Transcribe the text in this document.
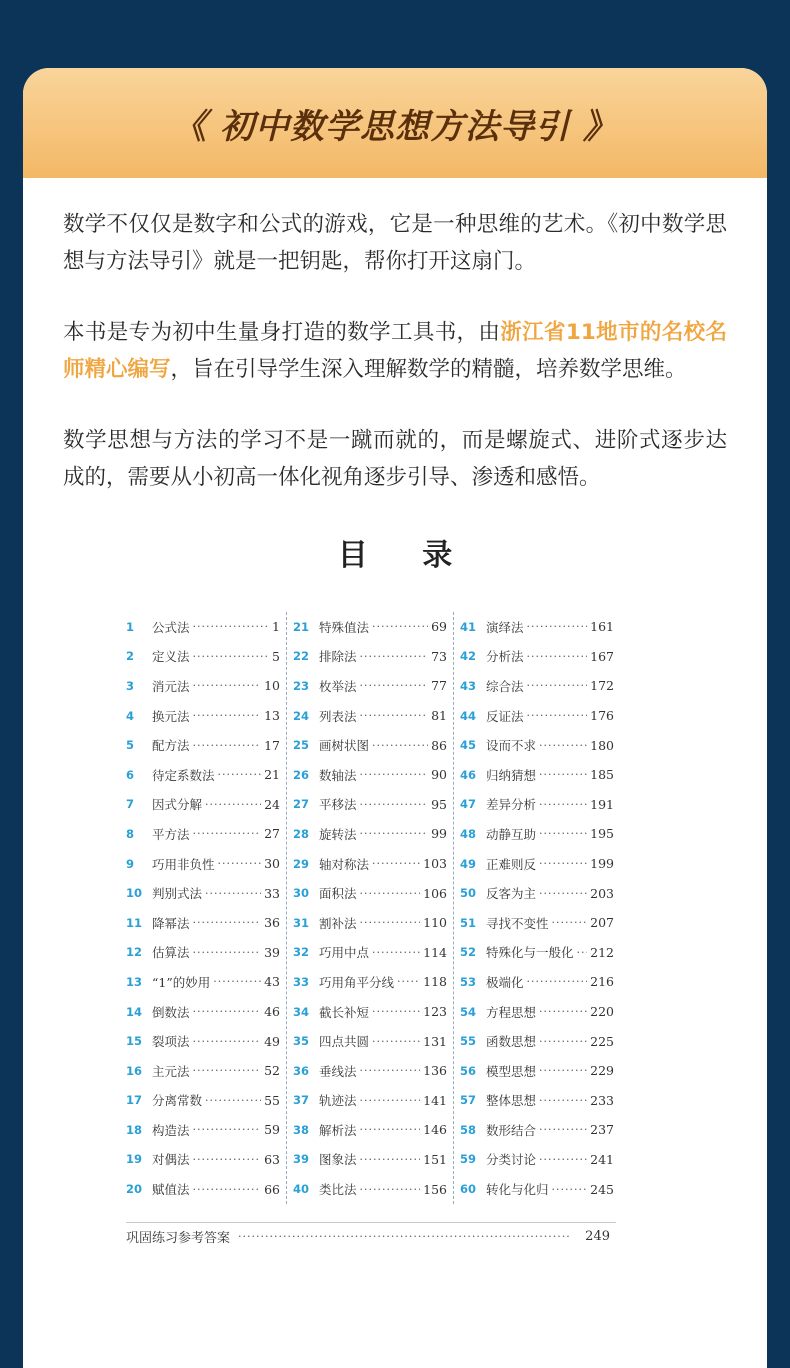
《 初中数学思想方法导引 》

数学不仅仅是数字和公式的游戏，它是一种思维的艺术。《初中数学思想与方法导引》就是一把钥匙，帮你打开这扇门。

本书是专为初中生量身打造的数学工具书，由浙江省11地市的名校名师精心编写，旨在引导学生深入理解数学的精髓，培养数学思维。

数学思想与方法的学习不是一蹴而就的，而是螺旋式、进阶式逐步达成的，需要从小初高一体化视角逐步引导、渗透和感悟。

目 录
1	公式法 ·····	1
2	定义法 ·····	5
3	消元法 ·····	10
4	换元法 ·····	13
5	配方法 ·····	17
6	待定系数法 ·····	21
7	因式分解 ·····	24
8	平方法 ·····	27
9	巧用非负性 ·····	30
10 判别式法 ·····	33
11 降幂法 ·····	36
12 估算法 ·····	39
13 “1”的妙用 ·····	43
14 倒数法 ·····	46
15 裂项法 ·····	49
16 主元法 ·····	52
17 分离常数 ·····	55
18 构造法 ·····	59
19 对偶法 ·····	63
20 赋值法 ·····	66
21 特殊值法 ·····	69
22 排除法 ·····	73
23 枚举法 ·····	77
24 列表法 ·····	81
25 画树状图 ·····	86
26 数轴法 ·····	90
27 平移法 ·····	95
28 旋转法 ·····	99
29 轴对称法 ·····	103
30 面积法 ·····	106
31 割补法 ·····	110
32 巧用中点 ·····	114
33 巧用角平分线 ····· 118
34 截长补短 ·····	123
35 四点共圆 ·····	131
36 垂线法 ·····	136
37 轨迹法 ·····	141
38 解析法 ·····	146
39 图象法 ·····	151
40 类比法 ·····	156
41 演绎法 ·····	161
42 分析法 ·····	167
43 综合法 ·····	172
44 反证法 ·····	176
45 设而不求 ·····	180
46 归纳猜想 ·····	185
47 差异分析 ·····	191
48 动静互助 ·····	195
49 正难则反 ·····	199
50 反客为主 ·····	203
51 寻找不变性 ·····	207
52 特殊化与一般化 ····· 212
53 极端化 ·····	216
54 方程思想 ·····	220
55 函数思想 ·····	225
56 模型思想 ·····	229
57 整体思想 ·····	233
58 数形结合 ·····	237
59 分类讨论 ·····	241
60 转化与化归 ·····	245
巩固练习参考答案 ·····	249
